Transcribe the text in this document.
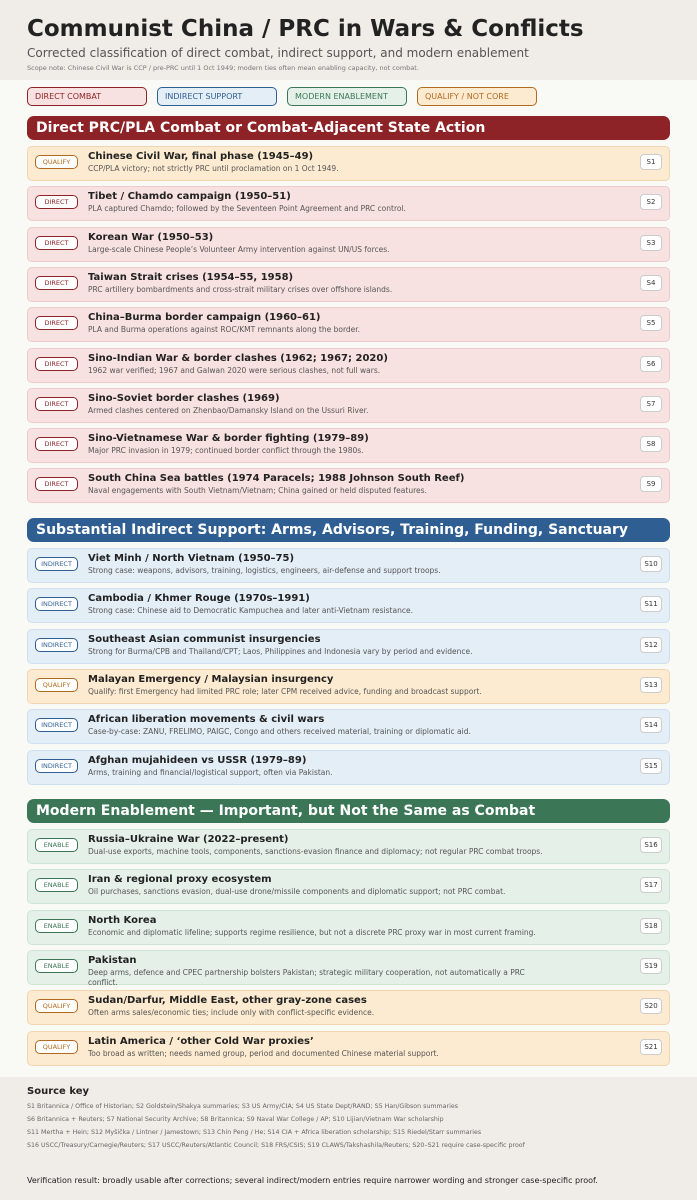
Communist China / PRC in Wars & Conflicts
Corrected classification of direct combat, indirect support, and modern enablement
Scope note: Chinese Civil War is CCP / pre-PRC until 1 Oct 1949; modern ties often mean enabling capacity, not combat.
DIRECT COMBAT	INDIRECT SUPPORT	MODERN ENABLEMENT	QUALIFY / NOT CORE
Direct PRC/PLA Combat or Combat-Adjacent State Action
QUALIFY	Chinese Civil War, final phase (1945–49)
CCP/PLA victory; not strictly PRC until proclamation on 1 Oct 1949.
S1
DIRECT	Tibet / Chamdo campaign (1950–51)
PLA captured Chamdo; followed by the Seventeen Point Agreement and PRC control.
S2
DIRECT	Korean War (1950–53)
Large-scale Chinese People’s Volunteer Army intervention against UN/US forces.
S3
DIRECT	Taiwan Strait crises (1954–55, 1958)
PRC artillery bombardments and cross-strait military crises over offshore islands.
S4
DIRECT	China–Burma border campaign (1960–61)
PLA and Burma operations against ROC/KMT remnants along the border.
S5
DIRECT	Sino-Indian War & border clashes (1962; 1967; 2020)
1962 war verified; 1967 and Galwan 2020 were serious clashes, not full wars.
S6
DIRECT	Sino-Soviet border clashes (1969)
Armed clashes centered on Zhenbao/Damansky Island on the Ussuri River.
S7
DIRECT	Sino-Vietnamese War & border fighting (1979–89)
Major PRC invasion in 1979; continued border conflict through the 1980s.
S8
DIRECT	South China Sea battles (1974 Paracels; 1988 Johnson South Reef)
Naval engagements with South Vietnam/Vietnam; China gained or held disputed features.
S9
Substantial Indirect Support: Arms, Advisors, Training, Funding, Sanctuary
INDIRECT	Viet Minh / North Vietnam (1950–75)
Strong case: weapons, advisors, training, logistics, engineers, air-defense and support troops.
S10
INDIRECT	Cambodia / Khmer Rouge (1970s–1991)
Strong case: Chinese aid to Democratic Kampuchea and later anti-Vietnam resistance.
S11
INDIRECT	Southeast Asian communist insurgencies
Strong for Burma/CPB and Thailand/CPT; Laos, Philippines and Indonesia vary by period and evidence.
S12
QUALIFY	Malayan Emergency / Malaysian insurgency
Qualify: first Emergency had limited PRC role; later CPM received advice, funding and broadcast support.
S13
INDIRECT	African liberation movements & civil wars
Case-by-case: ZANU, FRELIMO, PAIGC, Congo and others received material, training or diplomatic aid.
S14
INDIRECT	Afghan mujahideen vs USSR (1979–89)
Arms, training and financial/logistical support, often via Pakistan.
S15
Modern Enablement — Important, but Not the Same as Combat
ENABLE	Russia–Ukraine War (2022–present)
Dual-use exports, machine tools, components, sanctions-evasion finance and diplomacy; not regular PRC combat troops.
S16
ENABLE	Iran & regional proxy ecosystem
Oil purchases, sanctions evasion, dual-use drone/missile components and diplomatic support; not PRC combat.
S17
ENABLE	North Korea
Economic and diplomatic lifeline; supports regime resilience, but not a discrete PRC proxy war in most current framing.
S18
ENABLE	Pakistan
Deep arms, defence and CPEC partnership bolsters Pakistan; strategic military cooperation, not automatically a PRC conflict.
S19
QUALIFY	Sudan/Darfur, Middle East, other gray-zone cases
Often arms sales/economic ties; include only with conflict-specific evidence.
S20
QUALIFY	Latin America / ‘other Cold War proxies’
Too broad as written; needs named group, period and documented Chinese material support.
S21
Source key
S1 Britannica / Office of Historian; S2 Goldstein/Shakya summaries; S3 US Army/CIA; S4 US State Dept/RAND; S5 Han/Gibson summaries
S6 Britannica + Reuters; S7 National Security Archive; S8 Britannica; S9 Naval War College / AP; S10 Lijian/Vietnam War scholarship
S11 Mertha + Hein; S12 Myšička / Lintner / Jamestown; S13 Chin Peng / He; S14 CIA + Africa liberation scholarship; S15 Riedel/Starr summaries
S16 USCC/Treasury/Carnegie/Reuters; S17 USCC/Reuters/Atlantic Council; S18 FRS/CSIS; S19 CLAWS/Takshashila/Reuters; S20–S21 require case-specific proof
Verification result: broadly usable after corrections; several indirect/modern entries require narrower wording and stronger case-specific proof.
